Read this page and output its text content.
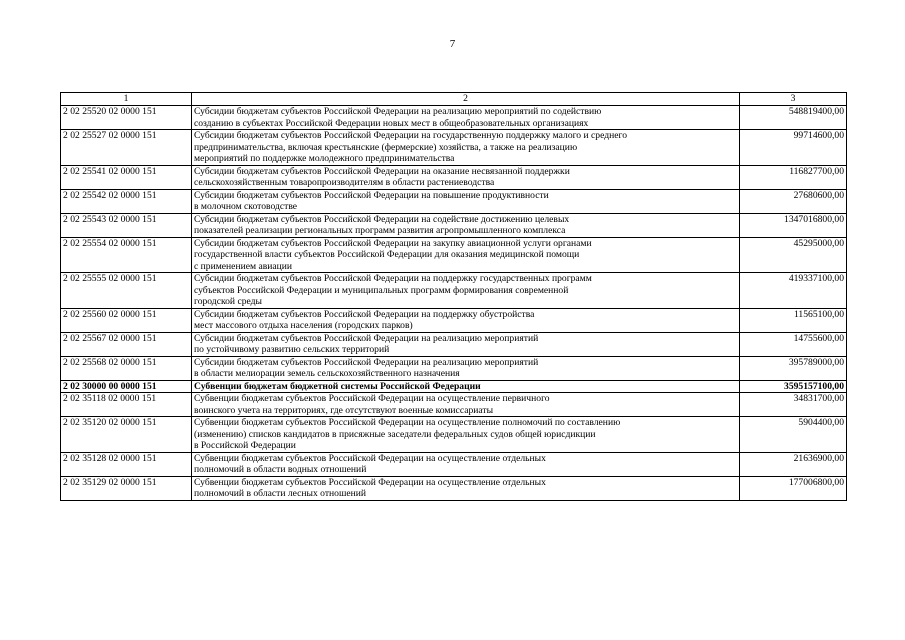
7
1	2	3
2 02 25520 02 0000 151	Субсидии бюджетам субъектов Российской Федерации на реализацию мероприятий по содействию
созданию в субъектах Российской Федерации новых мест в общеобразовательных организациях	548819400,00
2 02 25527 02 0000 151	Субсидии бюджетам субъектов Российской Федерации на государственную поддержку малого и среднего
предпринимательства, включая крестьянские (фермерские) хозяйства, а также на реализацию
мероприятий по поддержке молодежного предпринимательства	99714600,00
2 02 25541 02 0000 151	Субсидии бюджетам субъектов Российской Федерации на оказание несвязанной поддержки
сельскохозяйственным товаропроизводителям в области растениеводства	116827700,00
2 02 25542 02 0000 151	Субсидии бюджетам субъектов Российской Федерации на повышение продуктивности
в молочном скотоводстве	27680600,00
2 02 25543 02 0000 151	Субсидии бюджетам субъектов Российской Федерации на содействие достижению целевых
показателей реализации региональных программ развития агропромышленного комплекса	1347016800,00
2 02 25554 02 0000 151	Субсидии бюджетам субъектов Российской Федерации на закупку авиационной услуги органами
государственной власти субъектов Российской Федерации для оказания медицинской помощи
с применением авиации	45295000,00
2 02 25555 02 0000 151	Субсидии бюджетам субъектов Российской Федерации на поддержку государственных программ
субъектов Российской Федерации и муниципальных программ формирования современной
городской среды	419337100,00
2 02 25560 02 0000 151	Субсидии бюджетам субъектов Российской Федерации на поддержку обустройства
мест массового отдыха населения (городских парков)	11565100,00
2 02 25567 02 0000 151	Субсидии бюджетам субъектов Российской Федерации на реализацию мероприятий
по устойчивому развитию сельских территорий	14755600,00
2 02 25568 02 0000 151	Субсидии бюджетам субъектов Российской Федерации на реализацию мероприятий
в области мелиорации земель сельскохозяйственного назначения	395789000,00
2 02 30000 00 0000 151	Субвенции бюджетам бюджетной системы Российской Федерации	3595157100,00
2 02 35118 02 0000 151	Субвенции бюджетам субъектов Российской Федерации на осуществление первичного
воинского учета на территориях, где отсутствуют военные комиссариаты	34831700,00
2 02 35120 02 0000 151	Субвенции бюджетам субъектов Российской Федерации на осуществление полномочий по составлению
(изменению) списков кандидатов в присяжные заседатели федеральных судов общей юрисдикции
в Российской Федерации	5904400,00
2 02 35128 02 0000 151	Субвенции бюджетам субъектов Российской Федерации на осуществление отдельных
полномочий в области водных отношений	21636900,00
2 02 35129 02 0000 151	Субвенции бюджетам субъектов Российской Федерации на осуществление отдельных
полномочий в области лесных отношений	177006800,00
